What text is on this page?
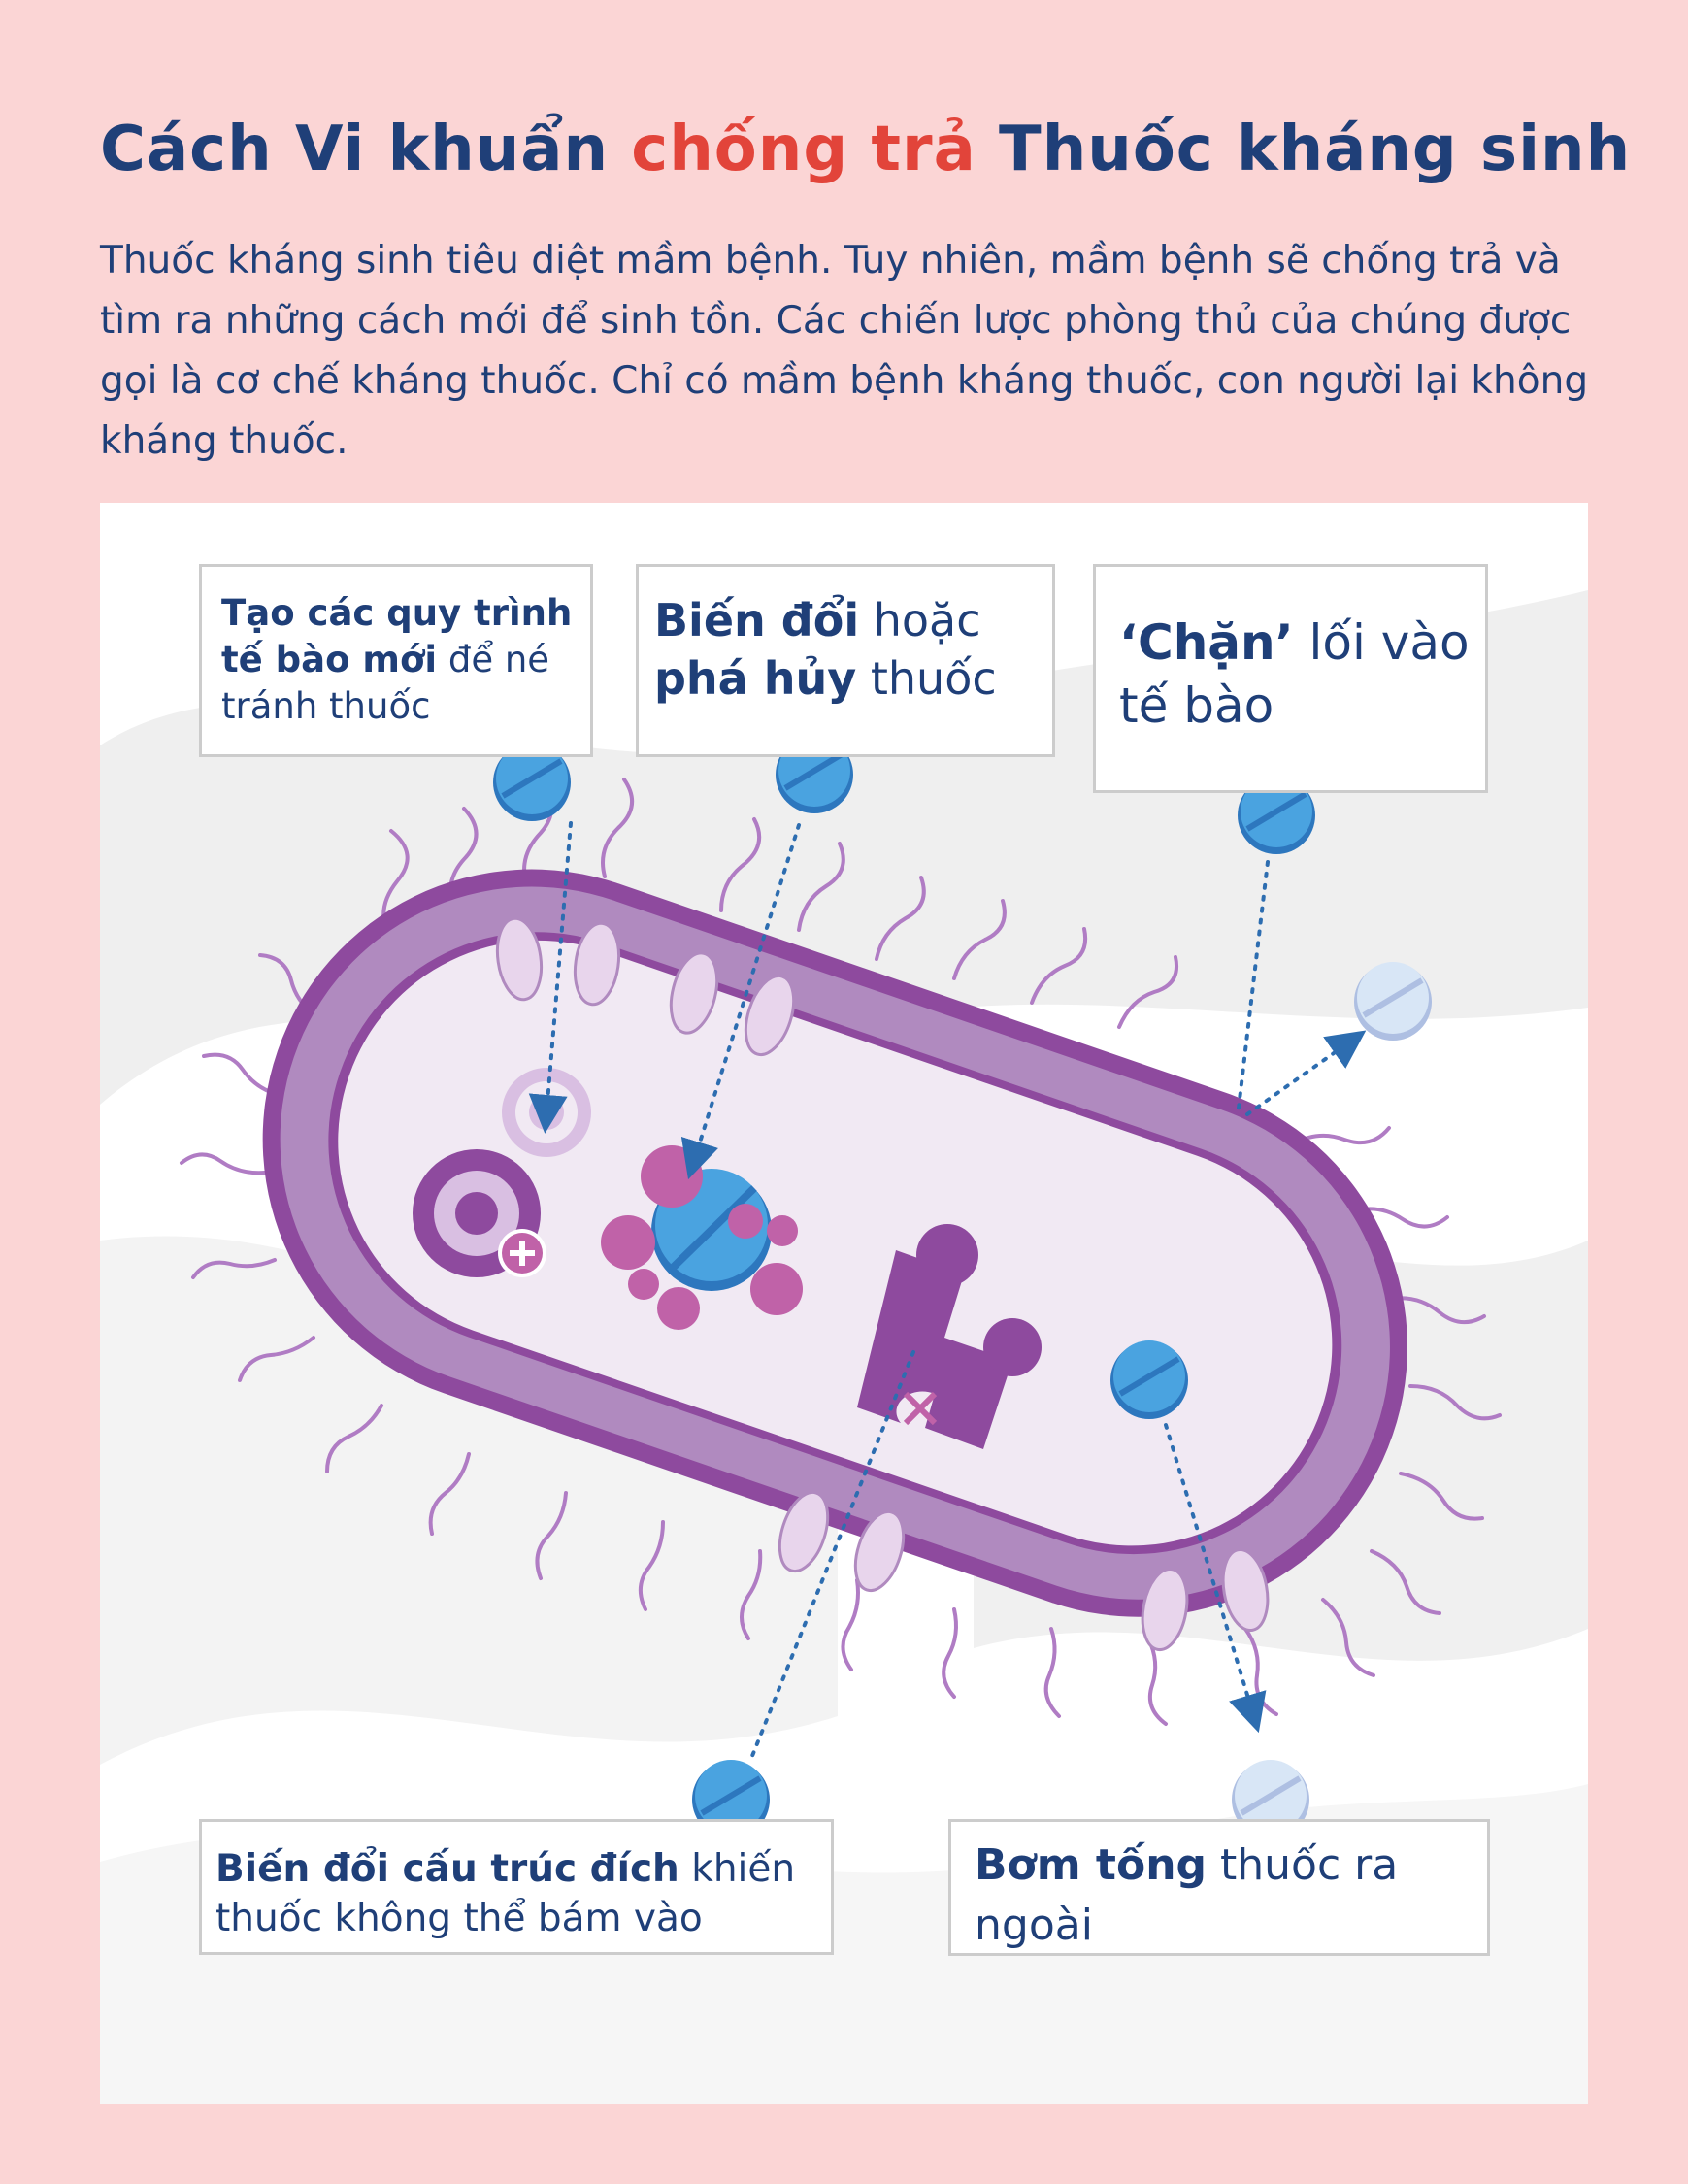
Cách Vi khuẩn chống trả Thuốc kháng sinh
Thuốc kháng sinh tiêu diệt mầm bệnh. Tuy nhiên, mầm bệnh sẽ chống trả và tìm ra những cách mới để sinh tồn. Các chiến lược phòng thủ của chúng được gọi là cơ chế kháng thuốc. Chỉ có mầm bệnh kháng thuốc, con người lại không kháng thuốc.
Tạo các quy trình tế bào mới để né tránh thuốc
Biến đổi hoặc
phá hủy thuốc
‘Chặn’ lối vào tế bào
Biến đổi cấu trúc đích khiến thuốc không thể bám vào
Bơm tống thuốc ra ngoài
